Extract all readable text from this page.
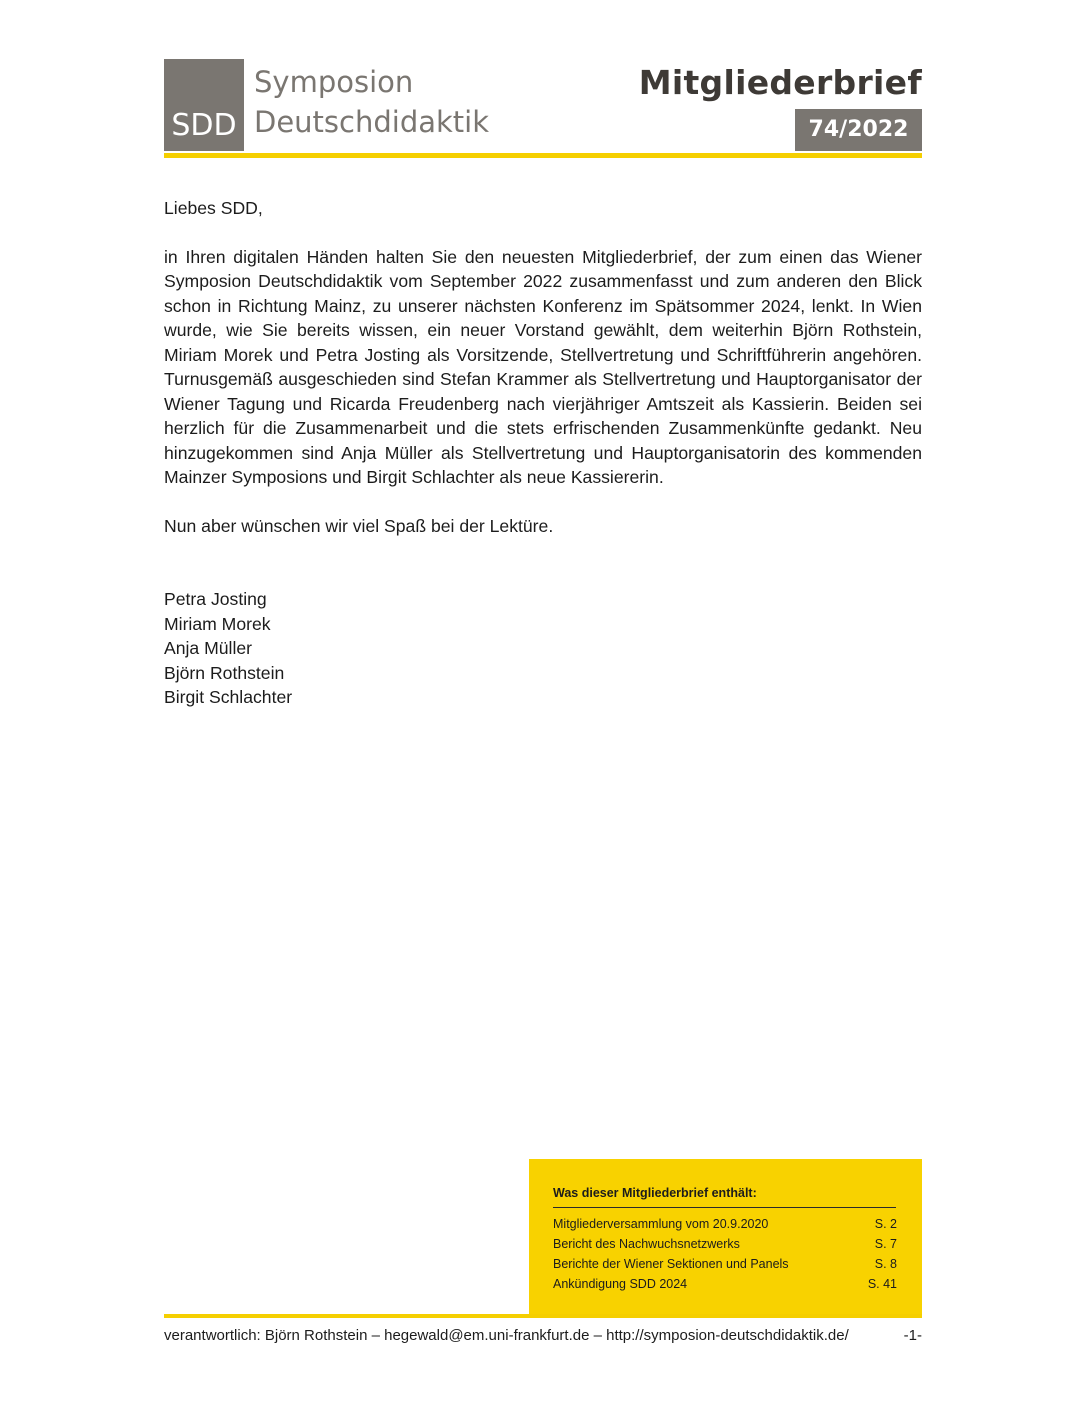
SDD
Symposion
Deutschdidaktik
Mitgliederbrief
74/2022

Liebes SDD,

in Ihren digitalen Händen halten Sie den neuesten Mitgliederbrief, der zum einen das Wiener Symposion Deutschdidaktik vom September 2022 zusammenfasst und zum anderen den Blick schon in Richtung Mainz, zu unserer nächsten Konferenz im Spätsommer 2024, lenkt. In Wien wurde, wie Sie bereits wissen, ein neuer Vorstand gewählt, dem weiterhin Björn Rothstein, Miriam Morek und Petra Josting als Vorsitzende, Stellvertretung und Schriftführerin angehören. Turnusgemäß ausgeschieden sind Stefan Krammer als Stellvertretung und Hauptorganisator der Wiener Tagung und Ricarda Freudenberg nach vierjähriger Amtszeit als Kassierin. Beiden sei herzlich für die Zusammenarbeit und die stets erfrischenden Zusammenkünfte gedankt. Neu hinzugekommen sind Anja Müller als Stellvertretung und Hauptorganisatorin des kommenden Mainzer Symposions und Birgit Schlachter als neue Kassiererin.

Nun aber wünschen wir viel Spaß bei der Lektüre.

Petra Josting
Miriam Morek
Anja Müller
Björn Rothstein
Birgit Schlachter
Was dieser Mitgliederbrief enthält:
Mitgliederversammlung vom 20.9.2020	S. 2
Bericht des Nachwuchsnetzwerks	S. 7
Berichte der Wiener Sektionen und Panels	S. 8
Ankündigung SDD 2024	S. 41
verantwortlich: Björn Rothstein – hegewald@em.uni-frankfurt.de – http://symposion-deutschdidaktik.de/	-1-
